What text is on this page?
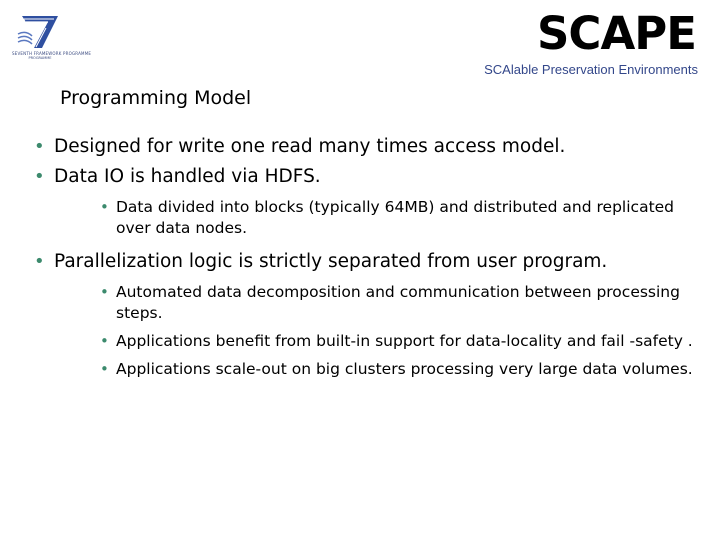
SEVENTH FRAMEWORK PROGRAMME
PROGRAMME	SCAPE
SCAlable Preservation Environments
Programming Model
• Designed for write one read many times access model.
• Data IO is handled via HDFS.
• Data divided into blocks (typically 64MB) and distributed and replicated over data nodes.
• Parallelization logic is strictly separated from user program.
• Automated data decomposition and communication between processing steps.
• Applications benefit from built-in support for data-locality and fail -safety .
• Applications scale-out on big clusters processing very large data volumes.
